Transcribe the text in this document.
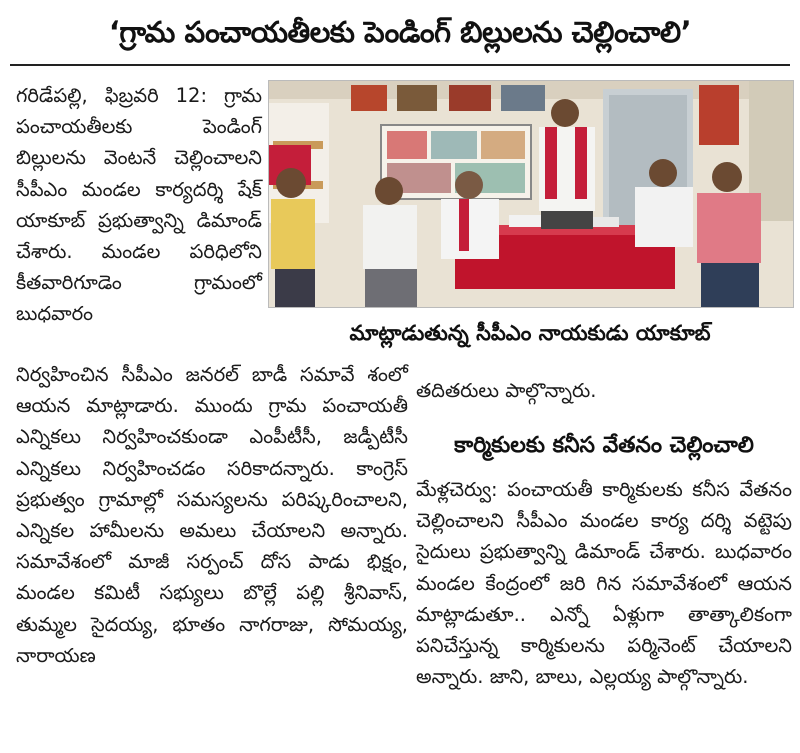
‘గ్రామ పంచాయతీలకు పెండింగ్ బిల్లులను చెల్లించాలి’
గరిడేపల్లి, ఫిబ్రవరి 12: గ్రామ పంచాయతీలకు పెండింగ్ బిల్లులను వెంటనే చెల్లించాలని సీపీఎం మండల కార్యదర్శి షేక్ యాకూబ్ ప్రభుత్వాన్ని డిమాండ్ చేశారు. మండల పరిధిలోని కీతవారిగూడెం గ్రామంలో బుధవారం
మాట్లాడుతున్న సీపీఎం నాయకుడు యాకూబ్
నిర్వహించిన సీపీఎం జనరల్ బాడీ సమావే శంలో ఆయన మాట్లాడారు. ముందు గ్రామ పంచాయతీ ఎన్నికలు నిర్వహించకుండా ఎంపీటీసీ, జడ్పీటీసీ ఎన్నికలు నిర్వహించడం సరికాదన్నారు. కాంగ్రెస్ ప్రభుత్వం గ్రామాల్లో సమస్యలను పరిష్కరించాలని, ఎన్నికల హామీలను అమలు చేయాలని అన్నారు. సమావేశంలో మాజీ సర్పంచ్ దోస పాడు భిక్షం, మండల కమిటీ సభ్యులు బొల్లే పల్లి శ్రీనివాస్, తుమ్మల సైదయ్య, భూతం నాగరాజు, సోమయ్య, నారాయణ
తదితరులు పాల్గొన్నారు.
కార్మికులకు కనీస వేతనం చెల్లించాలి
మేళ్లచెర్వు: పంచాయతీ కార్మికులకు కనీస వేతనం చెల్లించాలని సీపీఎం మండల కార్య దర్శి వట్టెపు సైదులు ప్రభుత్వాన్ని డిమాండ్ చేశారు. బుధవారం మండల కేంద్రంలో జరి గిన సమావేశంలో ఆయన మాట్లాడుతూ.. ఎన్నో ఏళ్లుగా తాత్కాలికంగా పనిచేస్తున్న కార్మికులను పర్మినెంట్ చేయాలని అన్నారు. జాని, బాలు, ఎల్లయ్య పాల్గొన్నారు.
